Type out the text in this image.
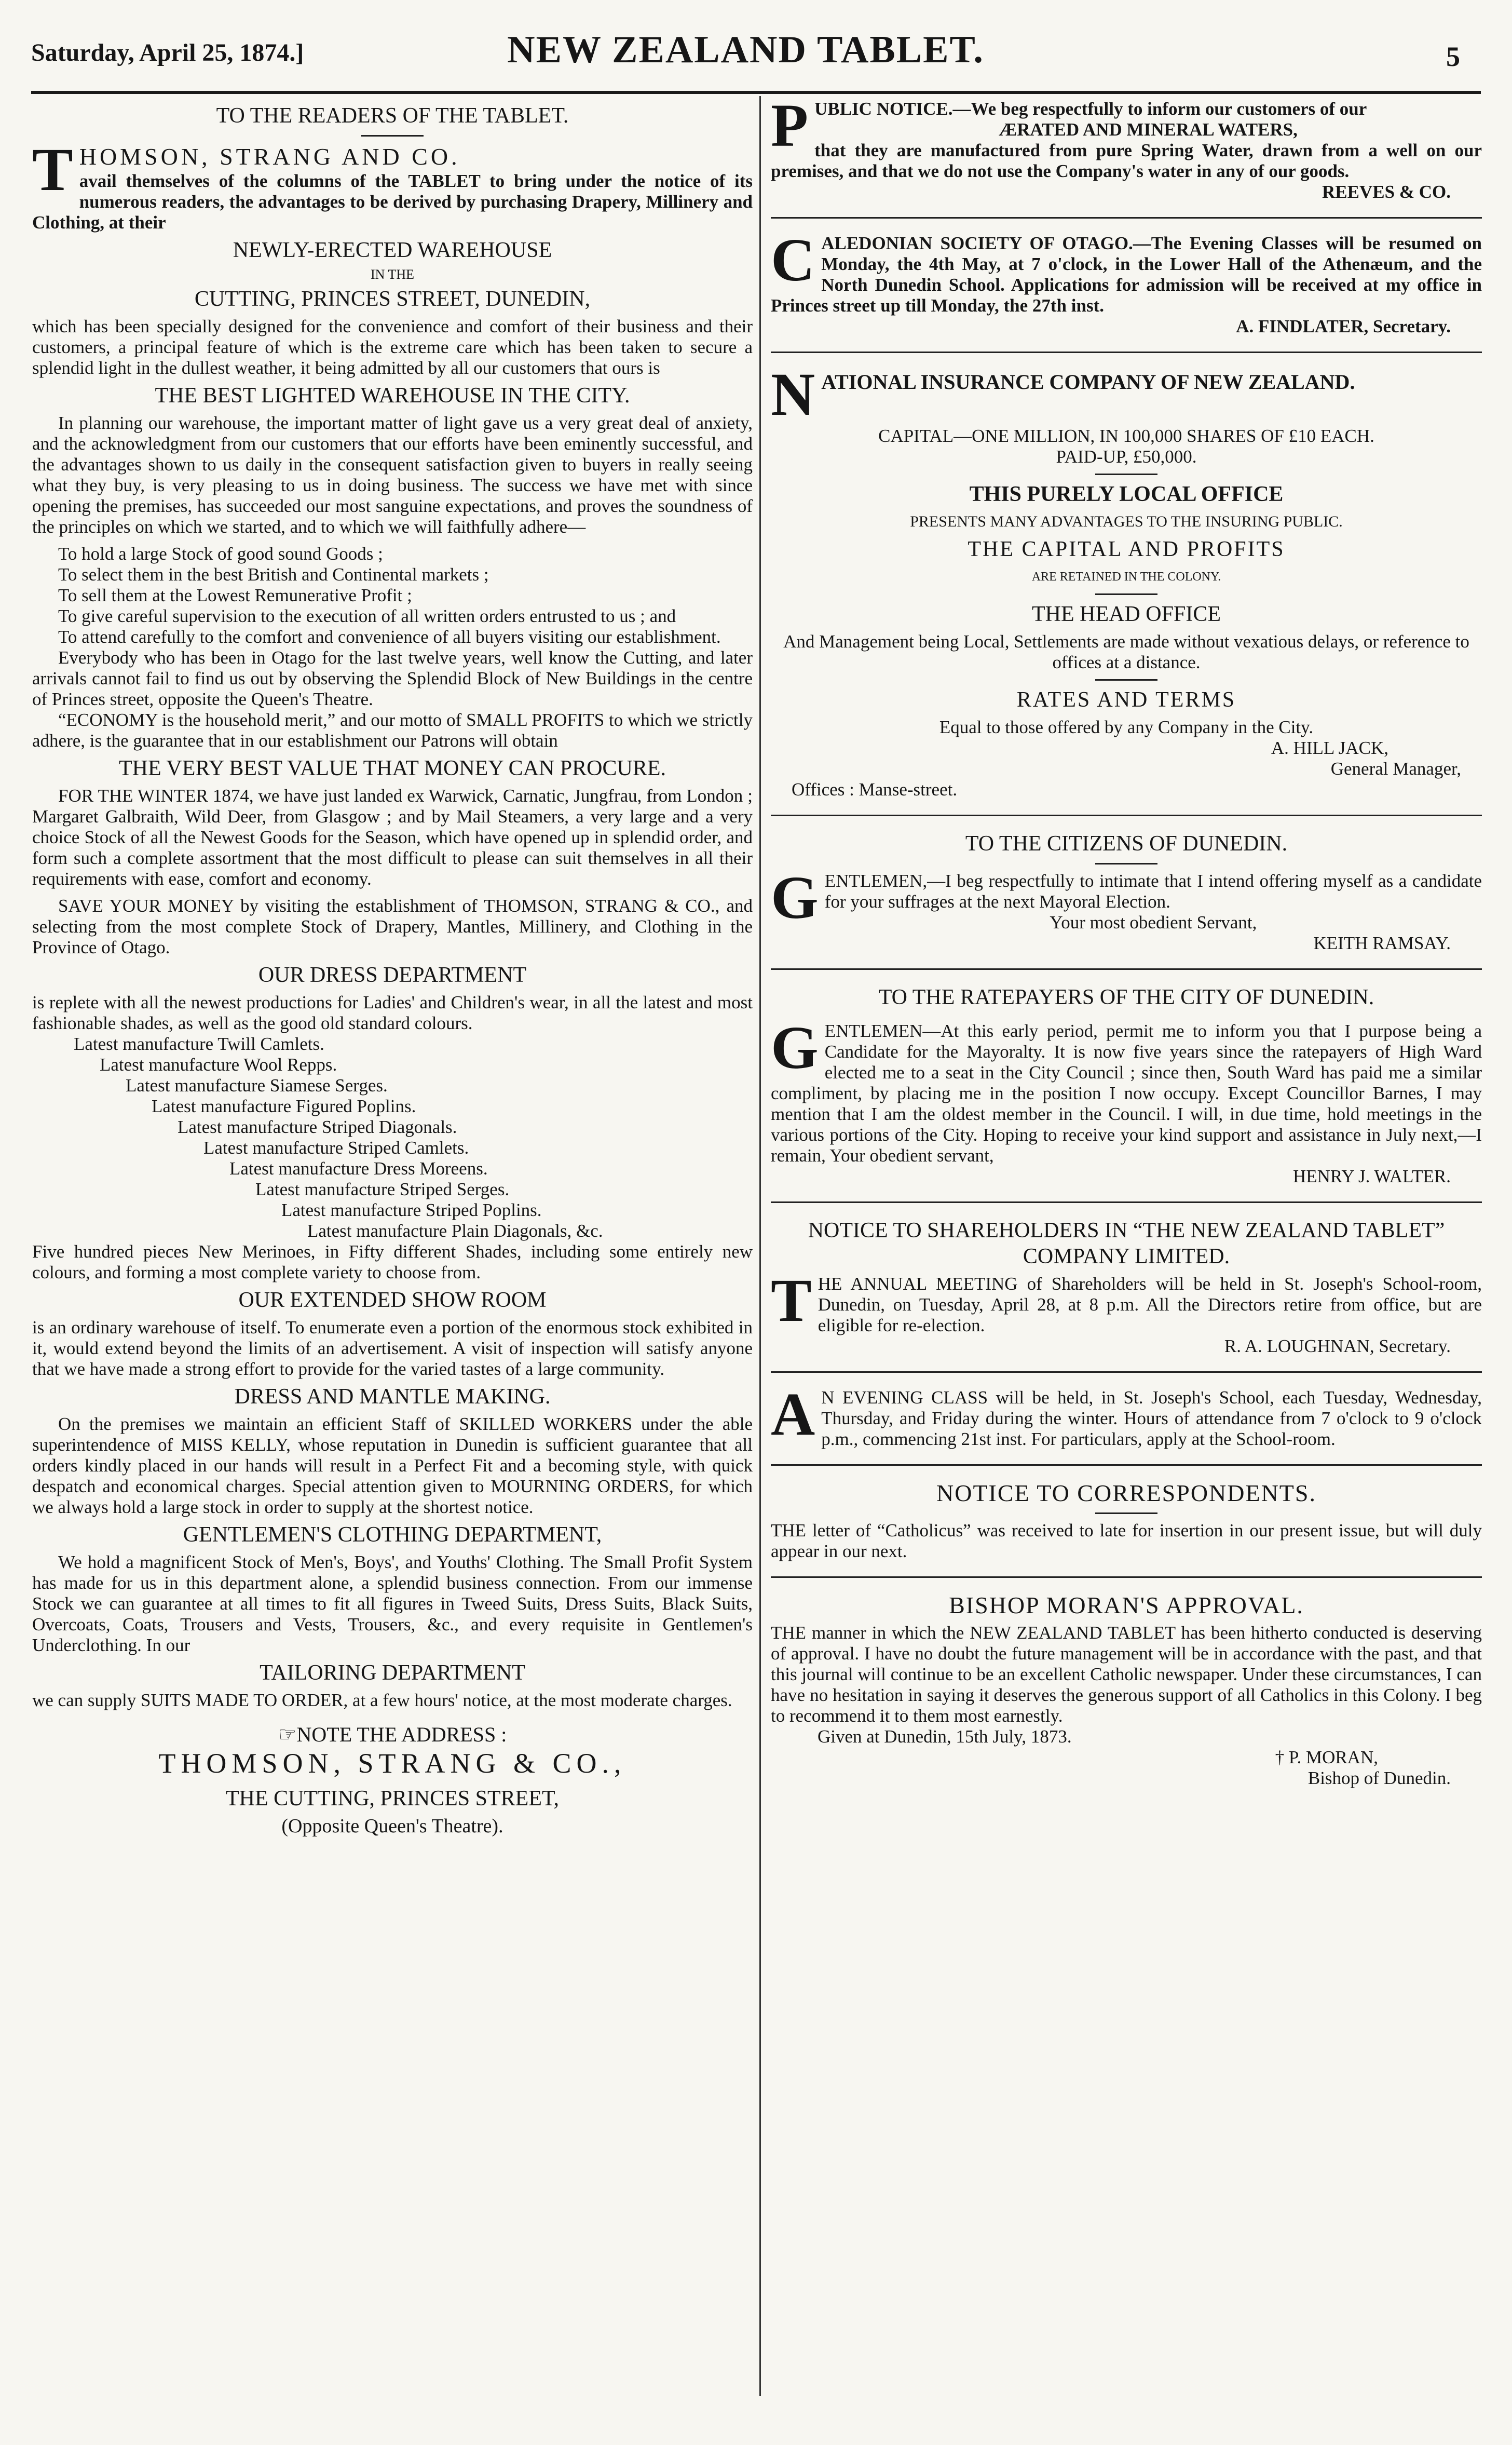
Saturday, April 25, 1874.]	NEW ZEALAND TABLET.	5
TO THE READERS OF THE TABLET.

T HOMSON, STRANG AND CO.
avail themselves of the columns of the TABLET to bring under the notice of its numerous readers, the advantages to be derived by purchasing Drapery, Millinery and Clothing, at their

NEWLY-ERECTED WAREHOUSE
IN THE
CUTTING, PRINCES STREET, DUNEDIN,

which has been specially designed for the convenience and comfort of their business and their customers, a principal feature of which is the extreme care which has been taken to secure a splendid light in the dullest weather, it being admitted by all our customers that ours is

THE BEST LIGHTED WAREHOUSE IN THE CITY.

In planning our warehouse, the important matter of light gave us a very great deal of anxiety, and the acknowledgment from our customers that our efforts have been eminently successful, and the advantages shown to us daily in the consequent satisfaction given to buyers in really seeing what they buy, is very pleasing to us in doing business. The success we have met with since opening the premises, has succeeded our most sanguine expectations, and proves the soundness of the principles on which we started, and to which we will faithfully adhere—

To hold a large Stock of good sound Goods ;

To select them in the best British and Continental markets ;

To sell them at the Lowest Remunerative Profit ;

To give careful supervision to the execution of all written orders entrusted to us ; and

To attend carefully to the comfort and convenience of all buyers visiting our establishment.

Everybody who has been in Otago for the last twelve years, well know the Cutting, and later arrivals cannot fail to find us out by observing the Splendid Block of New Buildings in the centre of Princes street, opposite the Queen's Theatre.

“ECONOMY is the household merit,” and our motto of SMALL PROFITS to which we strictly adhere, is the guarantee that in our establishment our Patrons will obtain

THE VERY BEST VALUE THAT MONEY CAN PROCURE.

FOR THE WINTER 1874, we have just landed ex Warwick, Carnatic, Jungfrau, from London ; Margaret Galbraith, Wild Deer, from Glasgow ; and by Mail Steamers, a very large and a very choice Stock of all the Newest Goods for the Season, which have opened up in splendid order, and form such a complete assortment that the most difficult to please can suit themselves in all their requirements with ease, comfort and economy.

SAVE YOUR MONEY by visiting the establishment of THOMSON, STRANG & CO., and selecting from the most complete Stock of Drapery, Mantles, Millinery, and Clothing in the Province of Otago.

OUR DRESS DEPARTMENT

is replete with all the newest productions for Ladies' and Children's wear, in all the latest and most fashionable shades, as well as the good old standard colours.

Latest manufacture Twill Camlets.

Latest manufacture Wool Repps.

Latest manufacture Siamese Serges.

Latest manufacture Figured Poplins.

Latest manufacture Striped Diagonals.

Latest manufacture Striped Camlets.

Latest manufacture Dress Moreens.

Latest manufacture Striped Serges.

Latest manufacture Striped Poplins.

Latest manufacture Plain Diagonals, &c.

Five hundred pieces New Merinoes, in Fifty different Shades, including some entirely new colours, and forming a most complete variety to choose from.

OUR EXTENDED SHOW ROOM

is an ordinary warehouse of itself. To enumerate even a portion of the enormous stock exhibited in it, would extend beyond the limits of an advertisement. A visit of inspection will satisfy anyone that we have made a strong effort to provide for the varied tastes of a large community.

DRESS AND MANTLE MAKING.

On the premises we maintain an efficient Staff of SKILLED WORKERS under the able superintendence of MISS KELLY, whose reputation in Dunedin is sufficient guarantee that all orders kindly placed in our hands will result in a Perfect Fit and a becoming style, with quick despatch and economical charges. Special attention given to MOURNING ORDERS, for which we always hold a large stock in order to supply at the shortest notice.

GENTLEMEN'S CLOTHING DEPARTMENT,

We hold a magnificent Stock of Men's, Boys', and Youths' Clothing. The Small Profit System has made for us in this department alone, a splendid business connection. From our immense Stock we can guarantee at all times to fit all figures in Tweed Suits, Dress Suits, Black Suits, Overcoats, Coats, Trousers and Vests, Trousers, &c., and every requisite in Gentlemen's Underclothing. In our

TAILORING DEPARTMENT

we can supply SUITS MADE TO ORDER, at a few hours' notice, at the most moderate charges.

☞NOTE THE ADDRESS :
THOMSON, STRANG & CO.,
THE CUTTING, PRINCES STREET,
(Opposite Queen's Theatre).

P UBLIC NOTICE.—We beg respectfully to inform our customers of our

ÆRATED AND MINERAL WATERS,

that they are manufactured from pure Spring Water, drawn from a well on our premises, and that we do not use the Company's water in any of our goods.

REEVES & CO.

C ALEDONIAN SOCIETY OF OTAGO.—The Evening Classes will be resumed on Monday, the 4th May, at 7 o'clock, in the Lower Hall of the Athenæum, and the North Dunedin School. Applications for admission will be received at my office in Princes street up till Monday, the 27th inst.

A. FINDLATER, Secretary.

N ATIONAL INSURANCE COMPANY OF NEW ZEALAND.

CAPITAL—ONE MILLION, IN 100,000 SHARES OF £10 EACH.
PAID-UP, £50,000.
THIS PURELY LOCAL OFFICE
PRESENTS MANY ADVANTAGES TO THE INSURING PUBLIC.
THE CAPITAL AND PROFITS
ARE RETAINED IN THE COLONY.
THE HEAD OFFICE
And Management being Local, Settlements are made without vexatious delays, or reference to offices at a distance.
RATES AND TERMS
Equal to those offered by any Company in the City.
A. HILL JACK,
General Manager,
Offices : Manse-street.
TO THE CITIZENS OF DUNEDIN.

G ENTLEMEN,—I beg respectfully to intimate that I intend offering myself as a candidate for your suffrages at the next Mayoral Election.

Your most obedient Servant,
KEITH RAMSAY.
TO THE RATEPAYERS OF THE CITY OF DUNEDIN.

G ENTLEMEN—At this early period, permit me to inform you that I purpose being a Candidate for the Mayoralty. It is now five years since the ratepayers of High Ward elected me to a seat in the City Council ; since then, South Ward has paid me a similar compliment, by placing me in the position I now occupy. Except Councillor Barnes, I may mention that I am the oldest member in the Council. I will, in due time, hold meetings in the various portions of the City. Hoping to receive your kind support and assistance in July next,—I remain, Your obedient servant,

HENRY J. WALTER.
NOTICE TO SHAREHOLDERS IN “THE NEW ZEALAND TABLET” COMPANY LIMITED.

T HE ANNUAL MEETING of Shareholders will be held in St. Joseph's School-room, Dunedin, on Tuesday, April 28, at 8 p.m. All the Directors retire from office, but are eligible for re-election.

R. A. LOUGHNAN, Secretary.

A N EVENING CLASS will be held, in St. Joseph's School, each Tuesday, Wednesday, Thursday, and Friday during the winter. Hours of attendance from 7 o'clock to 9 o'clock p.m., commencing 21st inst. For particulars, apply at the School-room.

NOTICE TO CORRESPONDENTS.

THE letter of “Catholicus” was received to late for insertion in our present issue, but will duly appear in our next.

BISHOP MORAN'S APPROVAL.

THE manner in which the NEW ZEALAND TABLET has been hitherto conducted is deserving of approval. I have no doubt the future management will be in accordance with the past, and that this journal will continue to be an excellent Catholic newspaper. Under these circumstances, I can have no hesitation in saying it deserves the generous support of all Catholics in this Colony. I beg to recommend it to them most earnestly.

Given at Dunedin, 15th July, 1873.
† P. MORAN,
Bishop of Dunedin.
